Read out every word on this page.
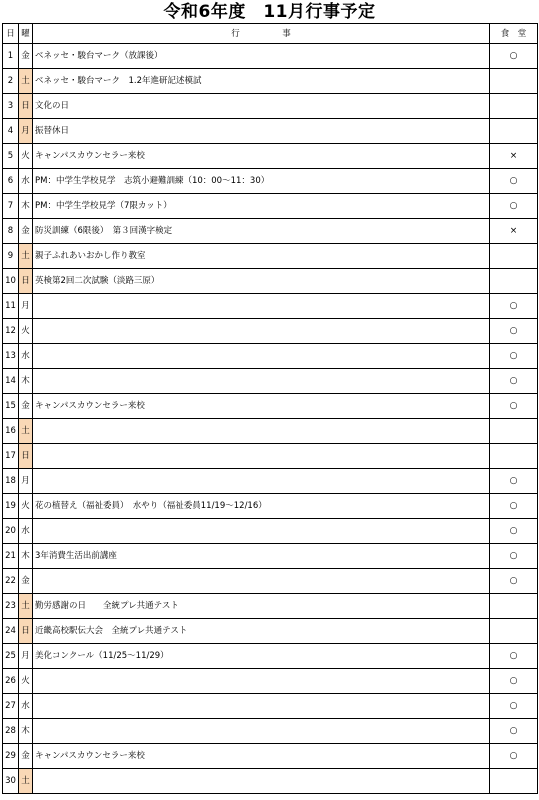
令和6年度　11月行事予定
日	曜	行　　　　　事	食　堂
1	金	ベネッセ・駿台マーク（放課後）	○
2	土	ベネッセ・駿台マーク　1.2年進研記述模試	
3	日	文化の日	
4	月	振替休日	
5	火	キャンパスカウンセラー来校	×
6	水	PM：中学生学校見学　志筑小避難訓練（10：00～11：30）	○
7	木	PM：中学生学校見学（7限カット）	○
8	金	防災訓練（6限後）　第３回漢字検定	×
9	土	親子ふれあいおかし作り教室	
10	日	英検第2回二次試験（淡路三原）	
11	月		○
12	火		○
13	水		○
14	木		○
15	金	キャンパスカウンセラー来校	○
16	土		
17	日		
18	月		○
19	火	花の植替え（福祉委員）　水やり（福祉委員11/19～12/16）	○
20	水		○
21	木	3年消費生活出前講座	○
22	金		○
23	土	勤労感謝の日　　全統プレ共通テスト	
24	日	近畿高校駅伝大会　全統プレ共通テスト	
25	月	美化コンクール（11/25～11/29）	○
26	火		○
27	水		○
28	木		○
29	金	キャンパスカウンセラー来校	○
30	土		
